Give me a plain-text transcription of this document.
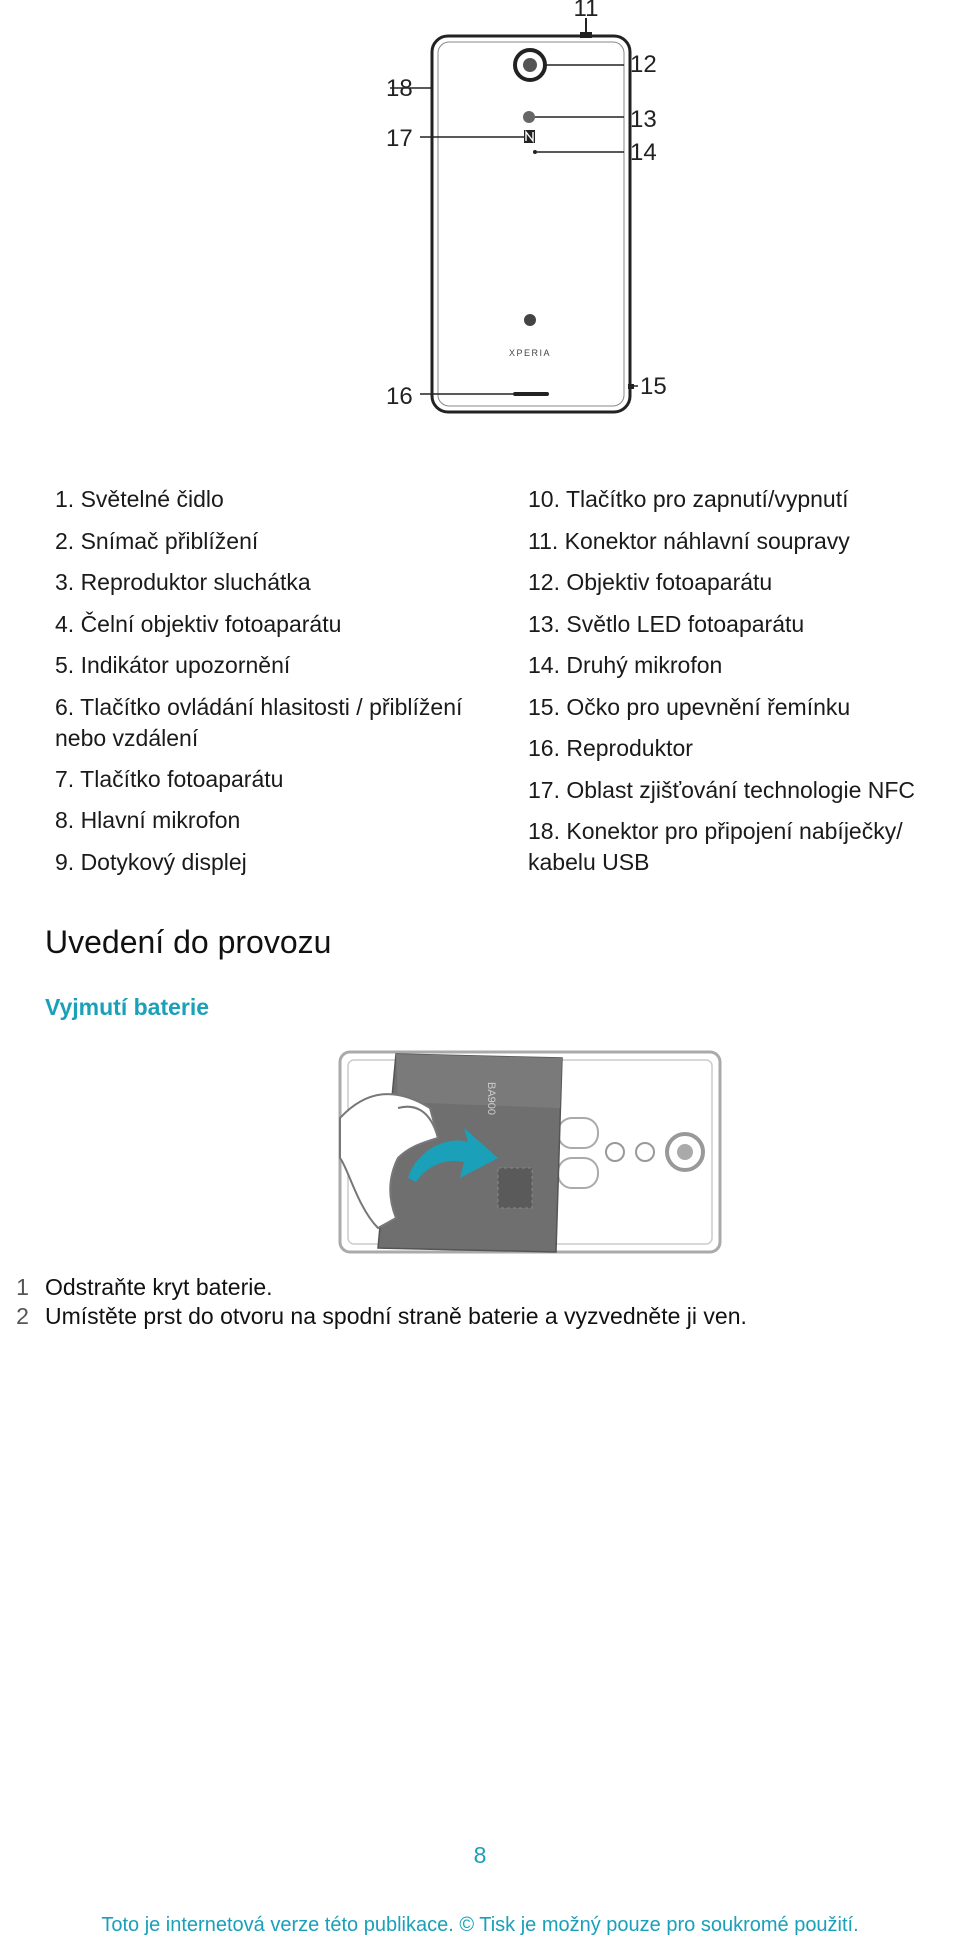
XPERIA
11
12
13
14
15
16
17
18
1. Světelné čidlo
2. Snímač přiblížení
3. Reproduktor sluchátka
4. Čelní objektiv fotoaparátu
5. Indikátor upozornění
6. Tlačítko ovládání hlasitosti / přiblížení nebo vzdálení
7. Tlačítko fotoaparátu
8. Hlavní mikrofon
9. Dotykový displej
10. Tlačítko pro zapnutí/vypnutí
11. Konektor náhlavní soupravy
12. Objektiv fotoaparátu
13. Světlo LED fotoaparátu
14. Druhý mikrofon
15. Očko pro upevnění řemínku
16. Reproduktor
17. Oblast zjišťování technologie NFC
18. Konektor pro připojení nabíječky/ kabelu USB
Uvedení do provozu
Vyjmutí baterie
BA900
1 Odstraňte kryt baterie.
2 Umístěte prst do otvoru na spodní straně baterie a vyzvedněte ji ven.
8
Toto je internetová verze této publikace. © Tisk je možný pouze pro soukromé použití.
